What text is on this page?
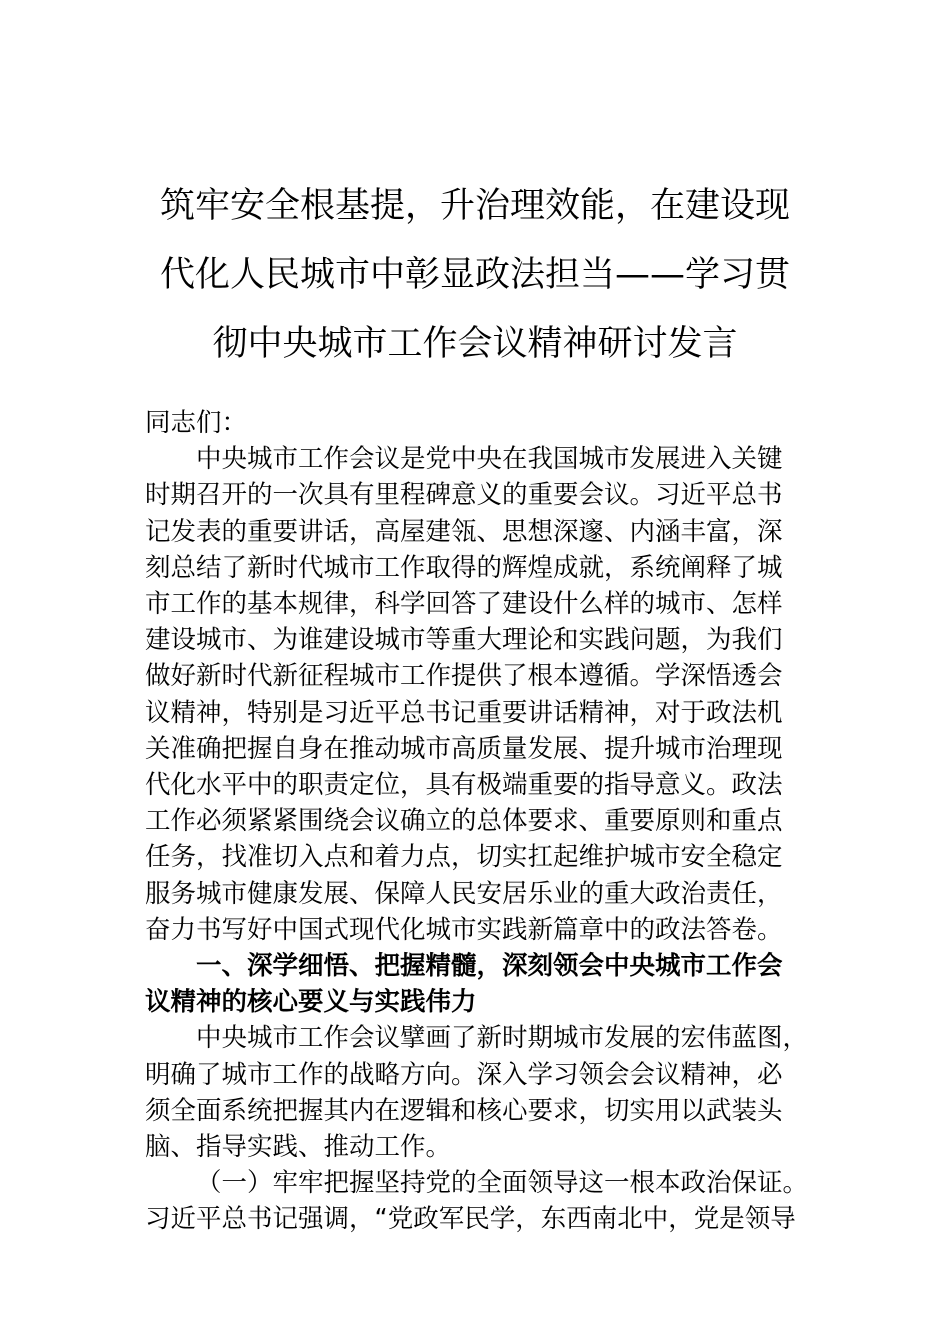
筑牢安全根基提，升治理效能，在建设现
代化人民城市中彰显政法担当——学习贯
彻中央城市工作会议精神研讨发言

同志们：

中央城市工作会议是党中央在我国城市发展进入关键
时期召开的一次具有里程碑意义的重要会议。习近平总书
记发表的重要讲话，高屋建瓴、思想深邃、内涵丰富，深
刻总结了新时代城市工作取得的辉煌成就，系统阐释了城
市工作的基本规律，科学回答了建设什么样的城市、怎样
建设城市、为谁建设城市等重大理论和实践问题，为我们
做好新时代新征程城市工作提供了根本遵循。学深悟透会
议精神，特别是习近平总书记重要讲话精神，对于政法机
关准确把握自身在推动城市高质量发展、提升城市治理现
代化水平中的职责定位，具有极端重要的指导意义。政法
工作必须紧紧围绕会议确立的总体要求、重要原则和重点
任务，找准切入点和着力点，切实扛起维护城市安全稳定
服务城市健康发展、保障人民安居乐业的重大政治责任，
奋力书写好中国式现代化城市实践新篇章中的政法答卷。

一、深学细悟、把握精髓，深刻领会中央城市工作会
议精神的核心要义与实践伟力

中央城市工作会议擘画了新时期城市发展的宏伟蓝图，
明确了城市工作的战略方向。深入学习领会会议精神，必
须全面系统把握其内在逻辑和核心要求，切实用以武装头
脑、指导实践、推动工作。

（一）牢牢把握坚持党的全面领导这一根本政治保证。
习近平总书记强调，“党政军民学，东西南北中，党是领导
